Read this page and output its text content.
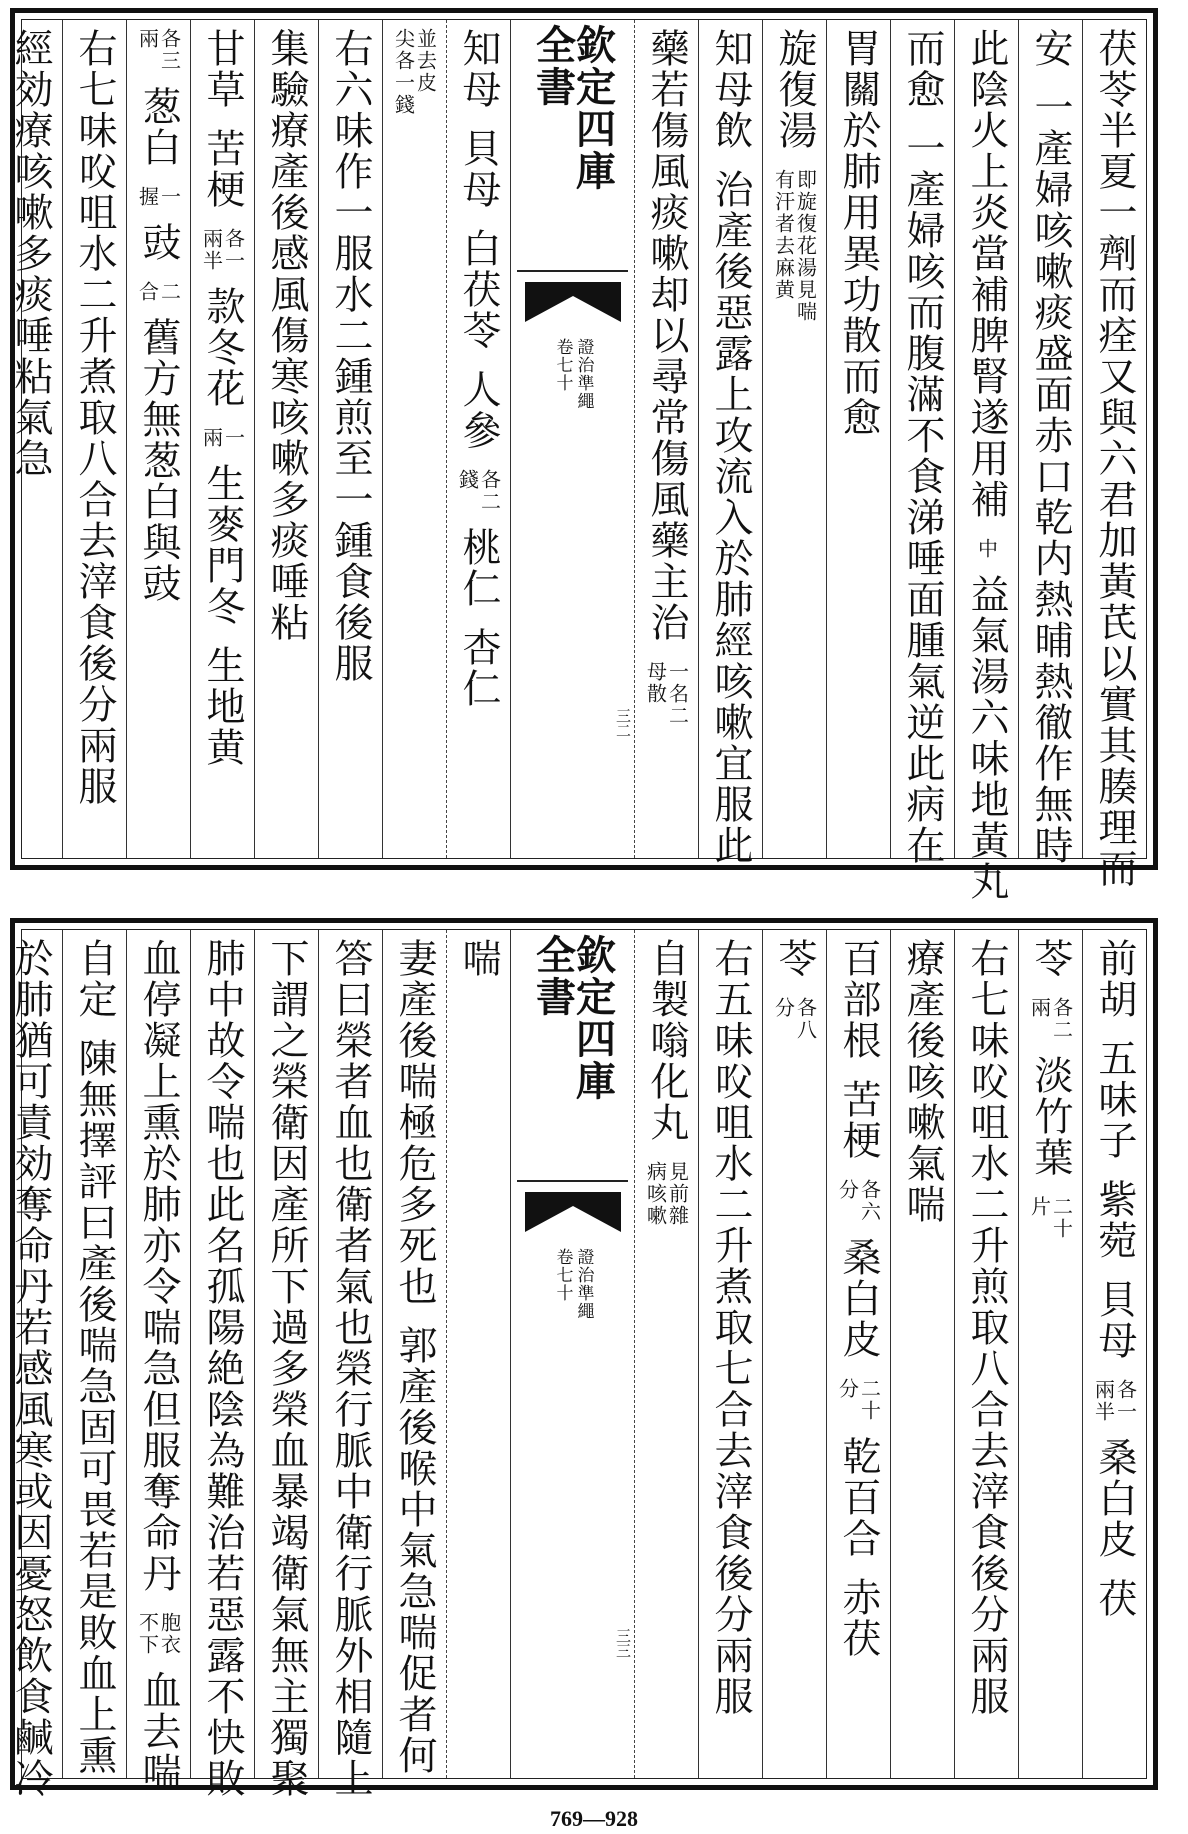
茯苓半夏一劑而痊又與六君加黃芪以實其腠理而
安
一產婦咳嗽痰盛面赤口乾内熱晡熱徹作無時
此陰火上炎當補脾腎遂用補
中
益氣湯六味地黃丸
而愈
一產婦咳而腹滿不食涕唾面腫氣逆此病在
胃關於肺用異功散而愈
旋復湯
即旋復花湯見喘
有汗者去麻黄
知母飲
治產後惡露上攻流入於肺經咳嗽宜服此
藥若傷風痰嗽却以尋常傷風藥主治
一名二
母散
欽定四庫全書
證治準繩
卷七十
三二
知母
貝母
白茯苓
人參
各二
錢
桃仁
杏仁
並去皮
尖各一錢
右六味作一服水二鍾煎至一鍾食後服
集驗療產後感風傷寒咳嗽多痰唾粘
甘草
苦梗
各一
兩半
款冬花
一
兩
生麥門冬
生地黄
各三
兩
葱白
一
握
豉
二
合
舊方無葱白與豉
右七味㕮咀水二升煮取八合去滓食後分兩服
經効療咳嗽多痰唾粘氣急
前胡
五味子
紫菀
貝母
各一
兩半
桑白皮
茯
苓
各二
兩
淡竹葉
二十
片
右七味㕮咀水二升煎取八合去滓食後分兩服
療產後咳嗽氣喘
百部根
苦梗
各六
分
桑白皮
二十
分
乾百合
赤茯
苓
各八
分
右五味㕮咀水二升煮取七合去滓食後分兩服
自製嗡化丸
見前雜
病咳嗽
欽定四庫全書
證治準繩
卷七十
三三
喘
妻產後喘極危多死也
郭產後喉中氣急喘促者何
答曰榮者血也衛者氣也榮行脈中衛行脈外相隨上
下謂之榮衛因產所下過多榮血暴竭衛氣無主獨聚
肺中故令喘也此名孤陽絶陰為難治若惡露不快敗
血停凝上熏於肺亦令喘急但服奪命丹
胞衣
不下
血去喘
自定
陳無擇評曰產後喘急固可畏若是敗血上熏
於肺猶可責効奪命丹若感風寒或因憂怒飲食鹹冷
769—928
